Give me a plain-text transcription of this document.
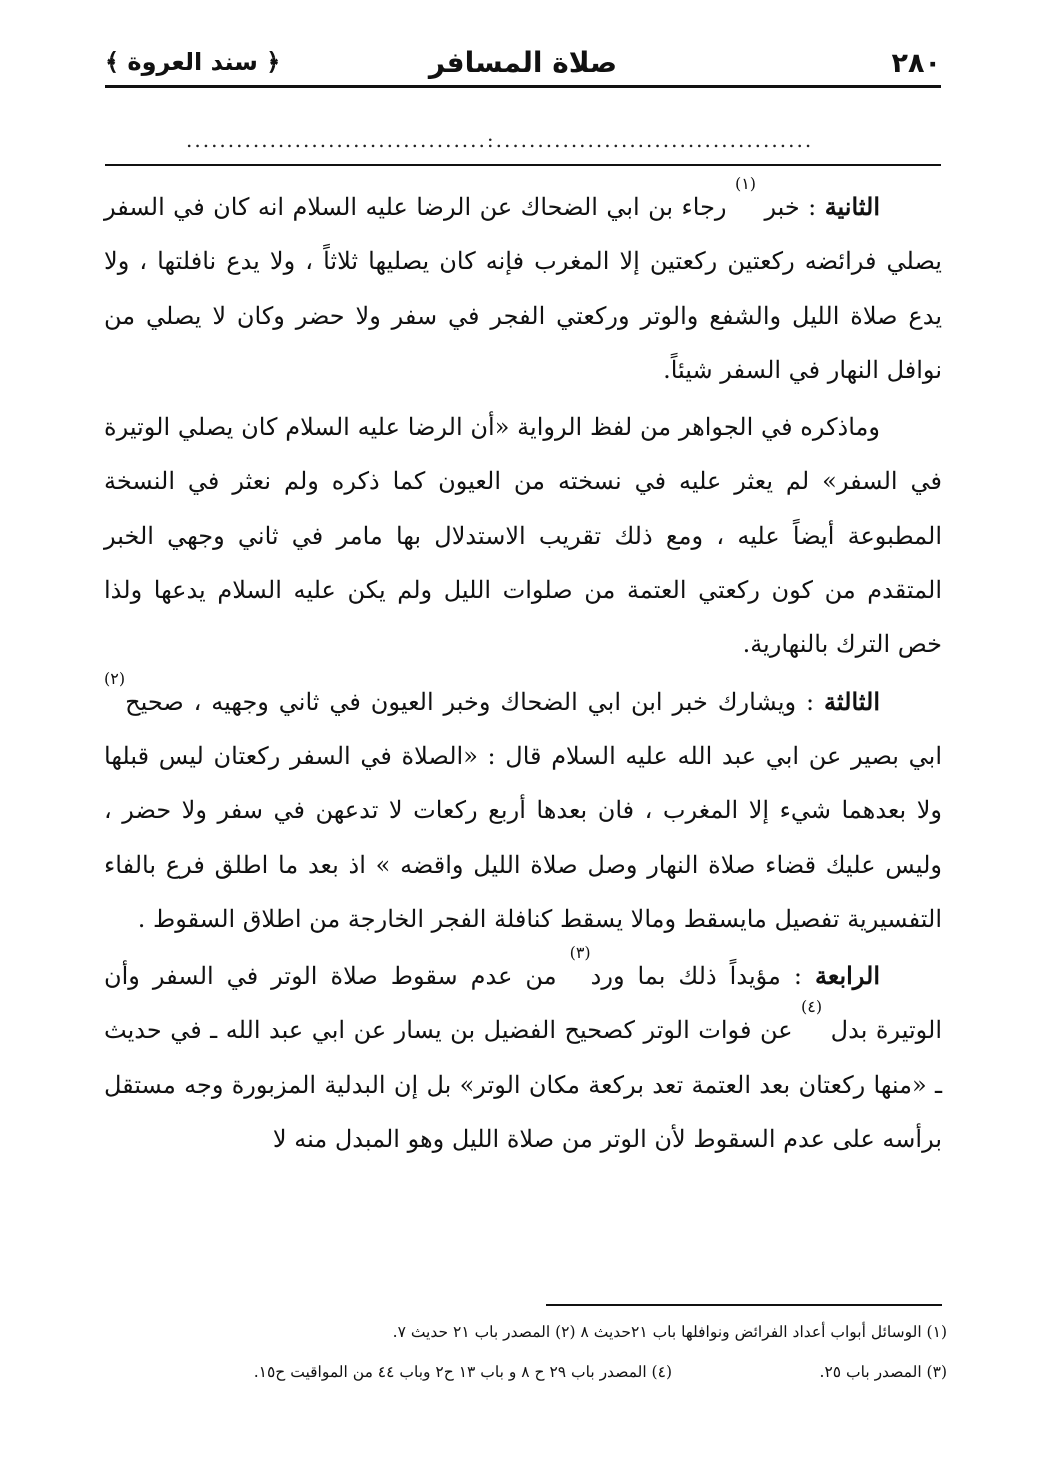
٢٨٠
صلاة المسافر
﴿ سند العروة ﴾
....................................:......................................

الثانية : خبر $^{(١)}$ رجاء بن ابي الضحاك عن الرضا عليه السلام انه كان في السفر يصلي فرائضه ركعتين ركعتين إلا المغرب فإنه كان يصليها ثلاثاً ، ولا يدع نافلتها ، ولا يدع صلاة الليل والشفع والوتر وركعتي الفجر في سفر ولا حضر وكان لا يصلي من نوافل النهار في السفر شيئاً.

وماذكره في الجواهر من لفظ الرواية «أن الرضا عليه السلام كان يصلي الوتيرة في السفر» لم يعثر عليه في نسخته من العيون كما ذكره ولم نعثر في النسخة المطبوعة أيضاً عليه ، ومع ذلك تقريب الاستدلال بها مامر في ثاني وجهي الخبر المتقدم من كون ركعتي العتمة من صلوات الليل ولم يكن عليه السلام يدعها ولذا خص الترك بالنهارية.

الثالثة : ويشارك خبر ابن ابي الضحاك وخبر العيون في ثاني وجهيه ، صحيح$^{(٢)}$ ابي بصير عن ابي عبد الله عليه السلام قال : «الصلاة في السفر ركعتان ليس قبلها ولا بعدهما شيء إلا المغرب ، فان بعدها أربع ركعات لا تدعهن في سفر ولا حضر ، وليس عليك قضاء صلاة النهار وصل صلاة الليل واقضه » اذ بعد ما اطلق فرع بالفاء التفسيرية تفصيل مايسقط ومالا يسقط كنافلة الفجر الخارجة من اطلاق السقوط .

الرابعة : مؤيداً ذلك بما ورد$^{(٣)}$ من عدم سقوط صلاة الوتر في السفر وأن الوتيرة بدل $^{(٤)}$ عن فوات الوتر كصحيح الفضيل بن يسار عن ابي عبد الله ـ في حديث ـ «منها ركعتان بعد العتمة تعد بركعة مكان الوتر» بل إن البدلية المزبورة وجه مستقل برأسه على عدم السقوط لأن الوتر من صلاة الليل وهو المبدل منه لا

(١) الوسائل أبواب أعداد الفرائض ونوافلها باب ٢١حديث ٨ (٢) المصدر باب ٢١ حديث ٧.
(٣) المصدر باب ٢٥.
(٤) المصدر باب ٢٩ ح ٨ و باب ١٣ ح٢ وباب ٤٤ من المواقيت ح١٥.
